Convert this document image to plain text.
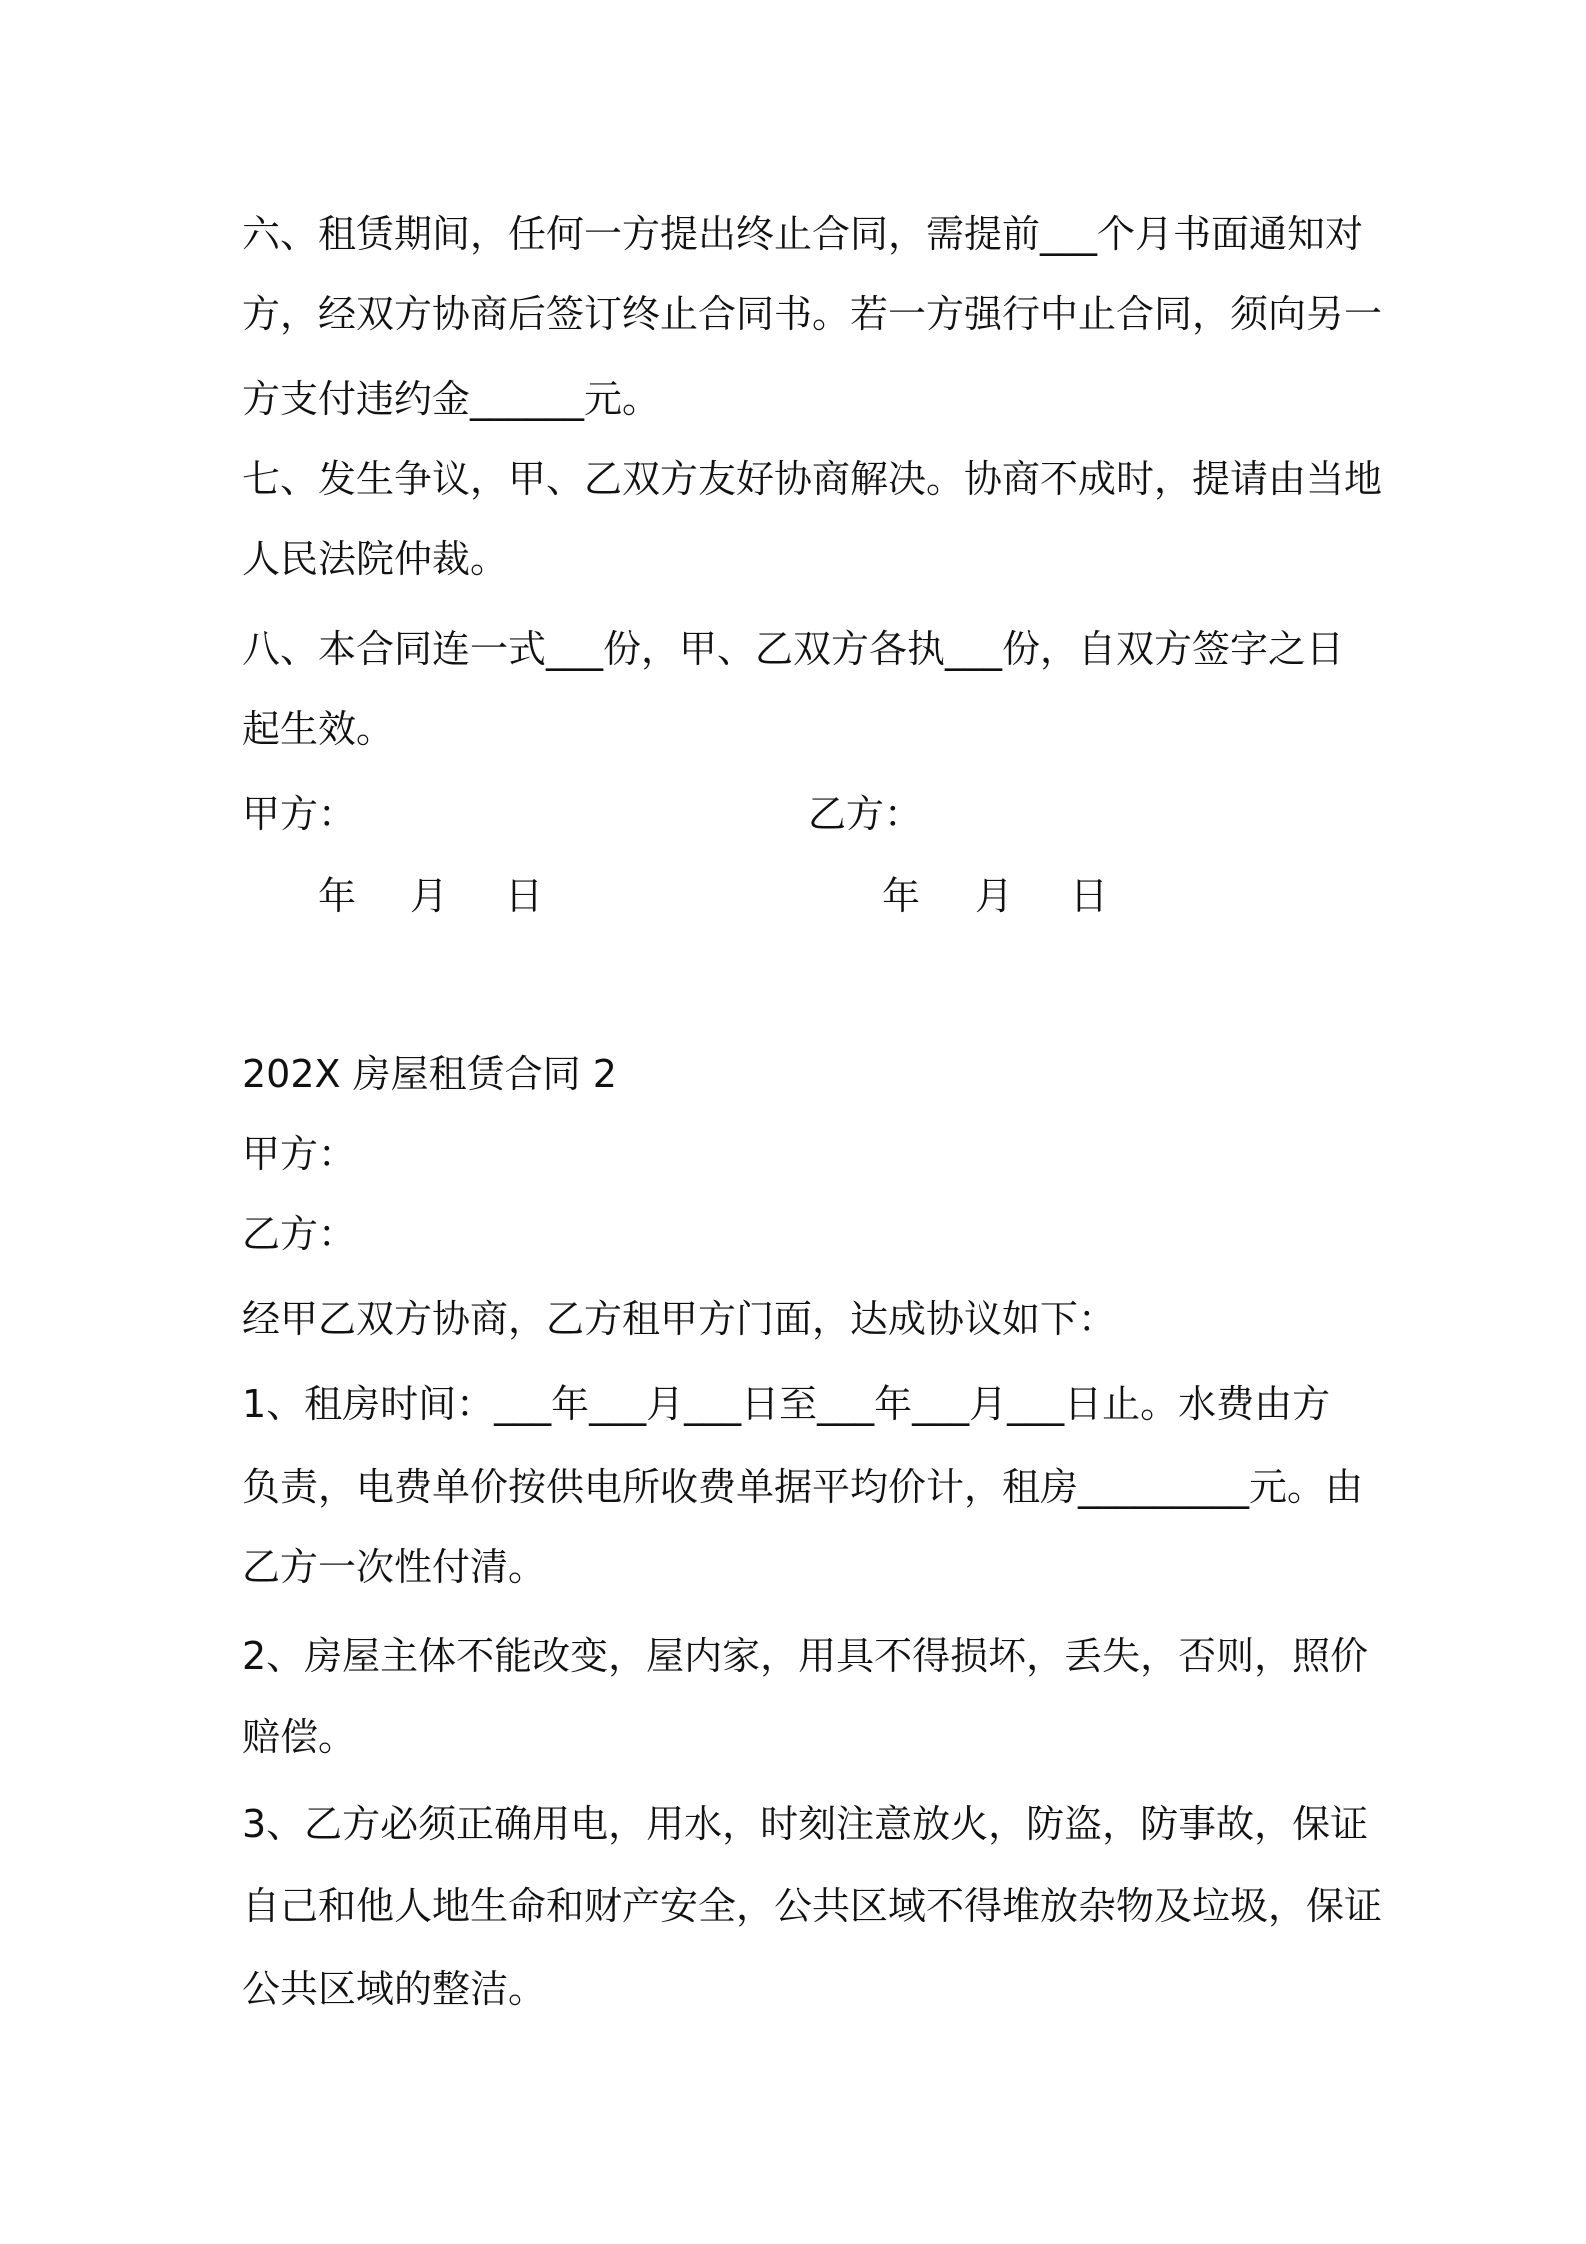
六、租赁期间，任何一方提出终止合同，需提前___个月书面通知对
方，经双方协商后签订终止合同书。若一方强行中止合同，须向另一
方支付违约金______元。
七、发生争议，甲、乙双方友好协商解决。协商不成时，提请由当地
人民法院仲裁。
八、本合同连一式___份，甲、乙双方各执___份，自双方签字之日
起生效。
甲方：	乙方：
年 月 日	年 月 日
202X 房屋租赁合同 2
甲方：
乙方：
经甲乙双方协商，乙方租甲方门面，达成协议如下：
1、租房时间：___年___月___日至___年___月___日止。水费由方
负责，电费单价按供电所收费单据平均价计，租房_________元。由
乙方一次性付清。
2、房屋主体不能改变，屋内家，用具不得损坏，丢失，否则，照价
赔偿。
3、乙方必须正确用电，用水，时刻注意放火，防盗，防事故，保证
自己和他人地生命和财产安全，公共区域不得堆放杂物及垃圾，保证
公共区域的整洁。
